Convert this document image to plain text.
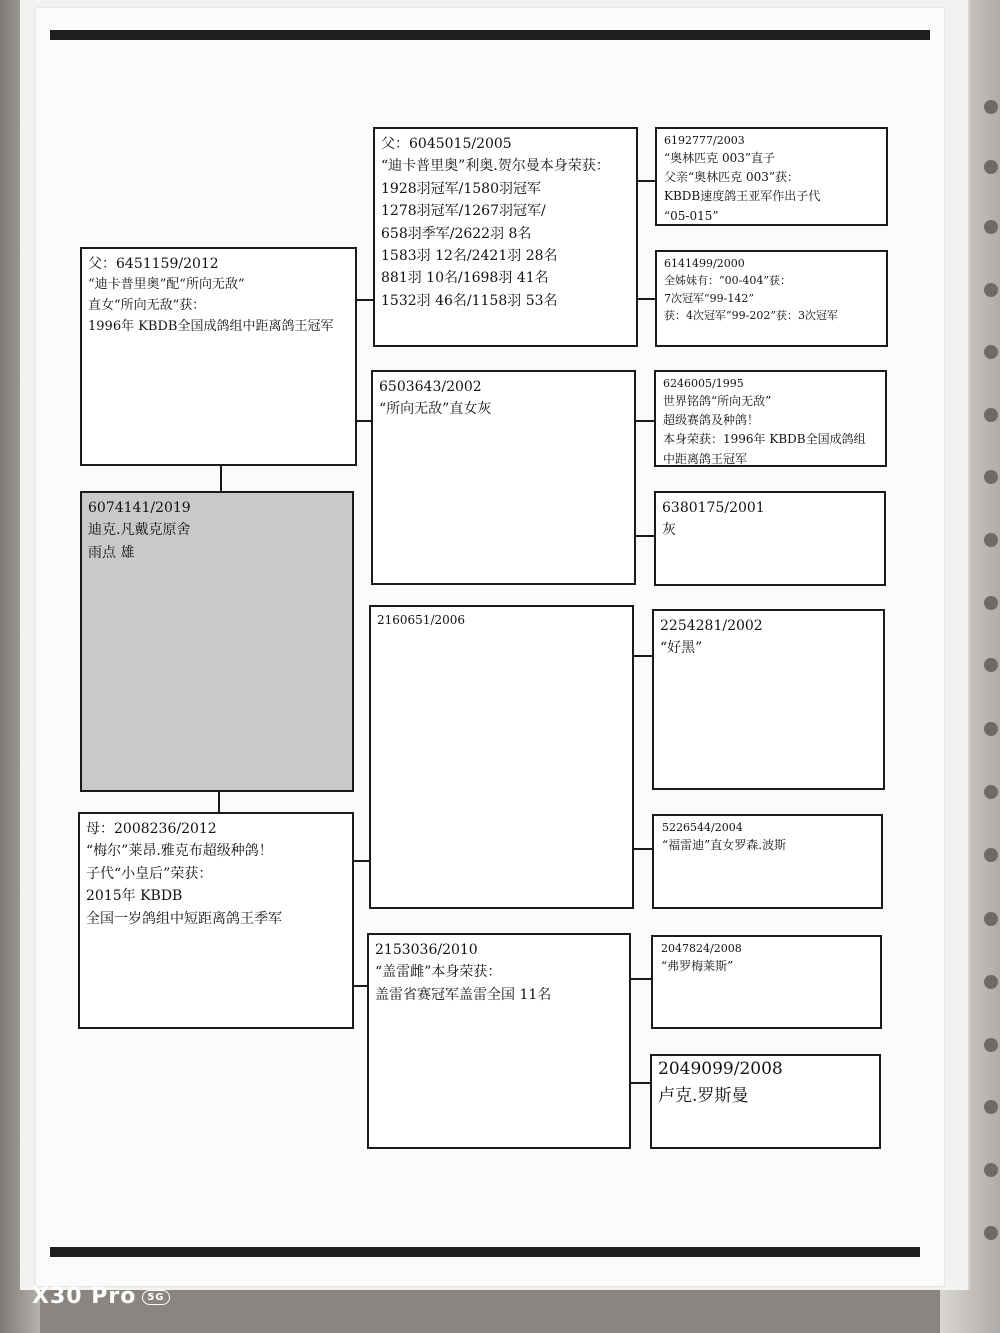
父：6451159/2012
“迪卡普里奥”配“所向无敌”
直女“所向无敌”获：
1996年 KBDB全国成鸽组中距离鸽王冠军
6074141/2019
迪克.凡戴克原舍
雨点 雄
母：2008236/2012
“梅尔”莱昂.雅克布超级种鸽！
子代“小皇后”荣获：
2015年 KBDB
全国一岁鸽组中短距离鸽王季军
父：6045015/2005
“迪卡普里奥”利奥.贺尔曼本身荣获：
1928羽冠军/1580羽冠军
1278羽冠军/1267羽冠军/
658羽季军/2622羽 8名
1583羽 12名/2421羽 28名
881羽 10名/1698羽 41名
1532羽 46名/1158羽 53名
6503643/2002
“所向无敌”直女灰
2160651/2006
2153036/2010
“盖雷雌”本身荣获：
盖雷省赛冠军盖雷全国 11名
6192777/2003
“奥林匹克 003”直子
父亲“奥林匹克 003”获：
KBDB速度鸽王亚军作出子代
“05-015”
6141499/2000
全姊妹有：“00-404”获：
7次冠军“99-142”
获：4次冠军“99-202”获：3次冠军
6246005/1995
世界铭鸽“所向无敌”
超级赛鸽及种鸽！
本身荣获：1996年 KBDB全国成鸽组
中距离鸽王冠军
6380175/2001
灰
2254281/2002
“好黑”
5226544/2004
“福雷迪”直女罗森.波斯
2047824/2008
“弗罗梅莱斯”
2049099/2008
卢克.罗斯曼
X30 Pro 5G
